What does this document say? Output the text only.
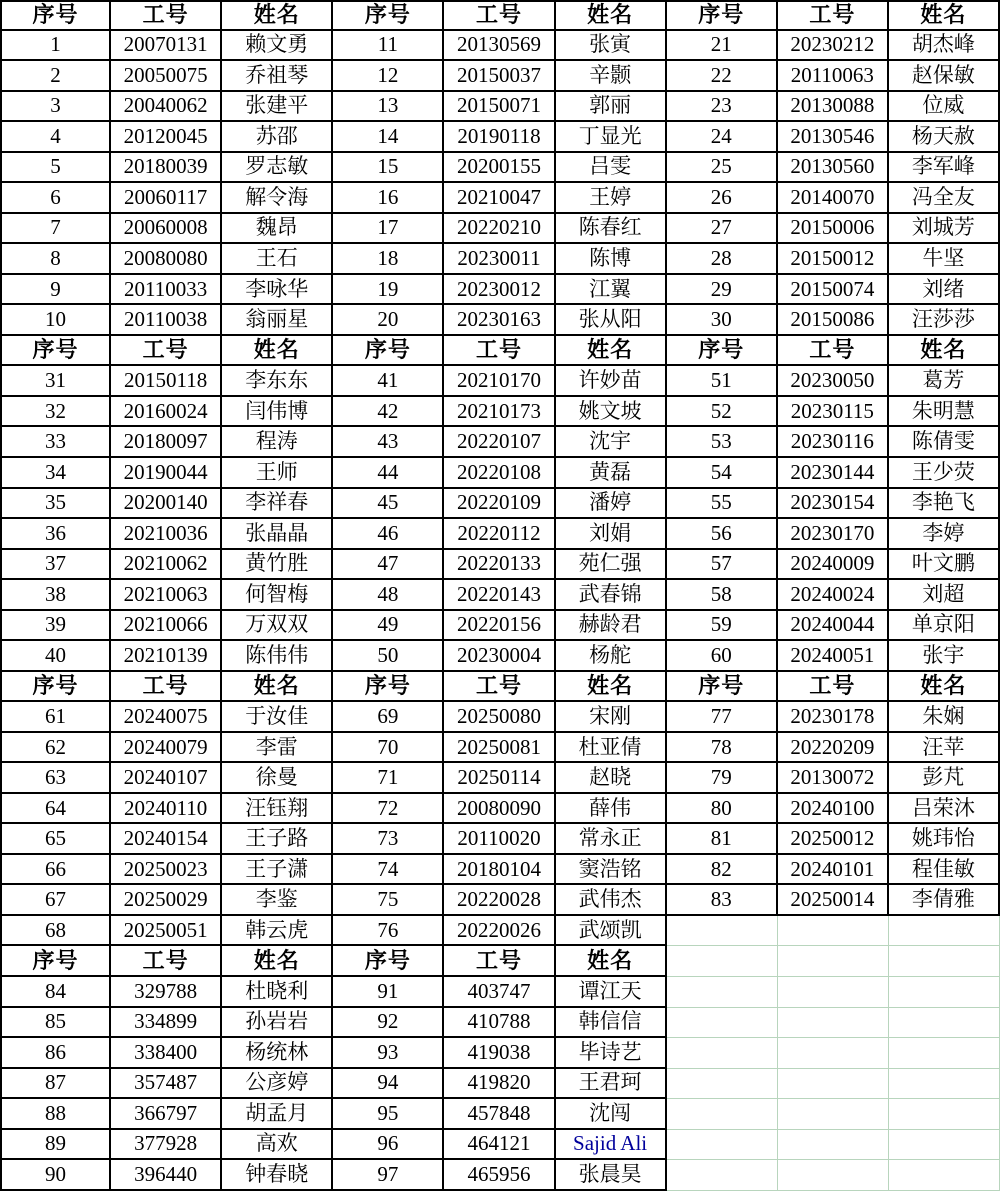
序号	工号	姓名	序号	工号	姓名	序号	工号	姓名
1	20070131	赖文勇	11	20130569	张寅	21	20230212	胡杰峰
2	20050075	乔祖琴	12	20150037	辛颢	22	20110063	赵保敏
3	20040062	张建平	13	20150071	郭丽	23	20130088	位威
4	20120045	苏邵	14	20190118	丁显光	24	20130546	杨天赦
5	20180039	罗志敏	15	20200155	吕雯	25	20130560	李军峰
6	20060117	解令海	16	20210047	王婷	26	20140070	冯全友
7	20060008	魏昂	17	20220210	陈春红	27	20150006	刘城芳
8	20080080	王石	18	20230011	陈博	28	20150012	牛坚
9	20110033	李咏华	19	20230012	江翼	29	20150074	刘绪
10	20110038	翁丽星	20	20230163	张从阳	30	20150086	汪莎莎
序号	工号	姓名	序号	工号	姓名	序号	工号	姓名
31	20150118	李东东	41	20210170	许妙苗	51	20230050	葛芳
32	20160024	闫伟博	42	20210173	姚文坡	52	20230115	朱明慧
33	20180097	程涛	43	20220107	沈宇	53	20230116	陈倩雯
34	20190044	王师	44	20220108	黄磊	54	20230144	王少荧
35	20200140	李祥春	45	20220109	潘婷	55	20230154	李艳飞
36	20210036	张晶晶	46	20220112	刘娟	56	20230170	李婷
37	20210062	黄竹胜	47	20220133	苑仁强	57	20240009	叶文鹏
38	20210063	何智梅	48	20220143	武春锦	58	20240024	刘超
39	20210066	万双双	49	20220156	赫龄君	59	20240044	单京阳
40	20210139	陈伟伟	50	20230004	杨舵	60	20240051	张宇
序号	工号	姓名	序号	工号	姓名	序号	工号	姓名
61	20240075	于汝佳	69	20250080	宋刚	77	20230178	朱娴
62	20240079	李雷	70	20250081	杜亚倩	78	20220209	汪苹
63	20240107	徐曼	71	20250114	赵晓	79	20130072	彭芃
64	20240110	汪钰翔	72	20080090	薛伟	80	20240100	吕荣沐
65	20240154	王子路	73	20110020	常永正	81	20250012	姚玮怡
66	20250023	王子潇	74	20180104	窦浩铭	82	20240101	程佳敏
67	20250029	李鉴	75	20220028	武伟杰	83	20250014	李倩雅
68	20250051	韩云虎	76	20220026	武颂凯
序号	工号	姓名	序号	工号	姓名
84	329788	杜晓利	91	403747	谭江天
85	334899	孙岩岩	92	410788	韩信信
86	338400	杨统林	93	419038	毕诗艺
87	357487	公彦婷	94	419820	王君珂
88	366797	胡孟月	95	457848	沈闯
89	377928	高欢	96	464121	Sajid Ali
90	396440	钟春晓	97	465956	张晨昊
